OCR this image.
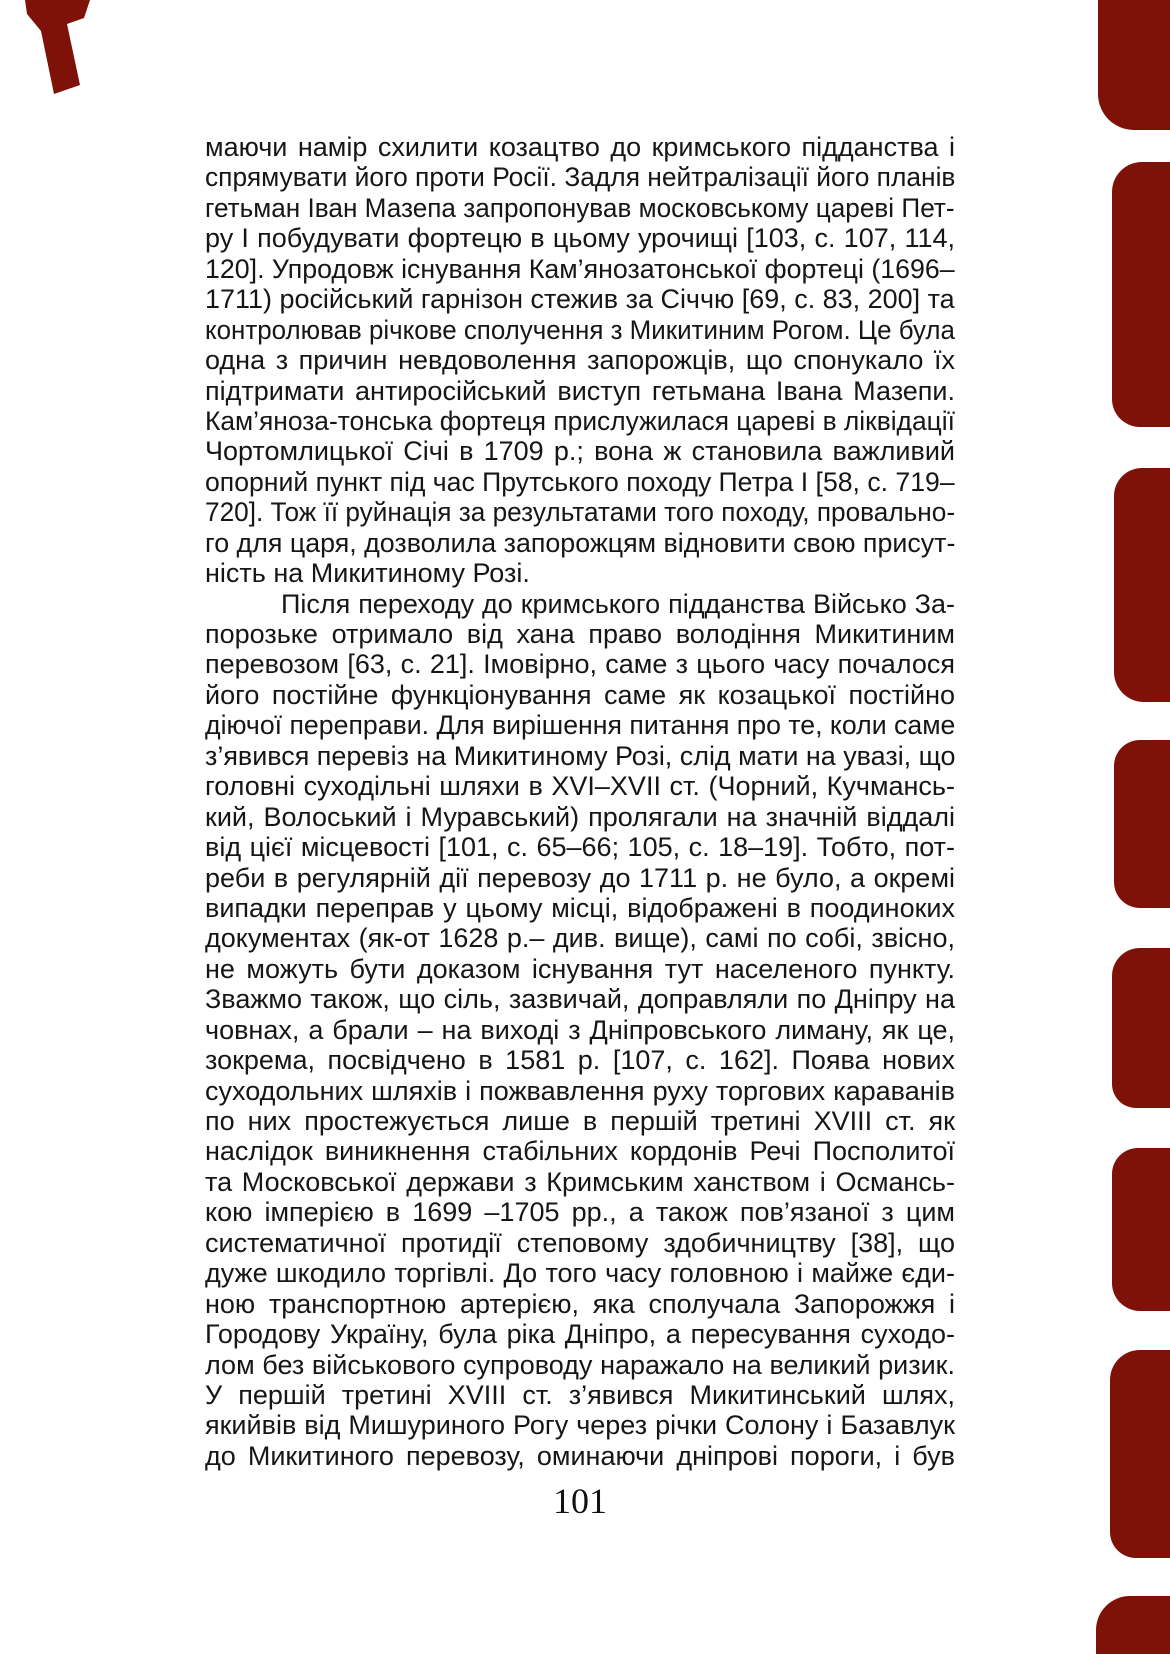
маючи намір схилити козацтво до кримського підданства і
спрямувати його проти Росії. Задля нейтралізації його планів
гетьман Іван Мазепа запропонував московському цареві Пет-
ру І побудувати фортецю в цьому урочищі [103, с. 107, 114,
120]. Упродовж існування Кам’янозатонської фортеці (1696–
1711) російський гарнізон стежив за Січчю [69, с. 83, 200] та
контролював річкове сполучення з Микитиним Рогом. Це була
одна з причин невдоволення запорожців, що спонукало їх
підтримати антиросійський виступ гетьмана Івана Мазепи.
Кам’яноза-тонська фортеця прислужилася цареві в ліквідації
Чортомлицької Січі в 1709 р.; вона ж становила важливий
опорний пункт під час Прутського походу Петра І [58, с. 719–
720]. Тож її руйнація за результатами того походу, провально-
го для царя, дозволила запорожцям відновити свою присут-
ність на Микитиному Розі.
Після переходу до кримського підданства Військо За-
порозьке отримало від хана право володіння Микитиним
перевозом [63, с. 21]. Імовірно, саме з цього часу почалося
його постійне функціонування саме як козацької постійно
діючої переправи. Для вирішення питання про те, коли саме
з’явився перевіз на Микитиному Розі, слід мати на увазі, що
головні суходільні шляхи в XVI–XVII ст. (Чорний, Кучмансь-
кий, Волоський і Муравський) пролягали на значній віддалі
від цієї місцевості [101, с. 65–66; 105, с. 18–19]. Тобто, пот-
реби в регулярній дії перевозу до 1711 р. не було, а окремі
випадки переправ у цьому місці, відображені в поодиноких
документах (як-от 1628 р.– див. вище), самі по собі, звісно,
не можуть бути доказом існування тут населеного пункту.
Зважмо також, що сіль, зазвичай, доправляли по Дніпру на
човнах, а брали – на виході з Дніпровського лиману, як це,
зокрема, посвідчено в 1581 р. [107, с. 162]. Поява нових
суходольних шляхів і пожвавлення руху торгових караванів
по них простежується лише в першій третині XVIII ст. як
наслідок виникнення стабільних кордонів Речі Посполитої
та Московської держави з Кримським ханством і Османсь-
кою імперією в 1699 –1705 рр., а також пов’язаної з цим
систематичної протидії степовому здобичництву [38], що
дуже шкодило торгівлі. До того часу головною і майже єди-
ною транспортною артерією, яка сполучала Запорожжя і
Городову Україну, була ріка Дніпро, а пересування суходо-
лом без військового супроводу наражало на великий ризик.
У першій третині XVIII ст. з’явився Микитинський шлях,
якийвів від Мишуриного Рогу через річки Солону і Базавлук
до Микитиного перевозу, оминаючи дніпрові пороги, і був
101
